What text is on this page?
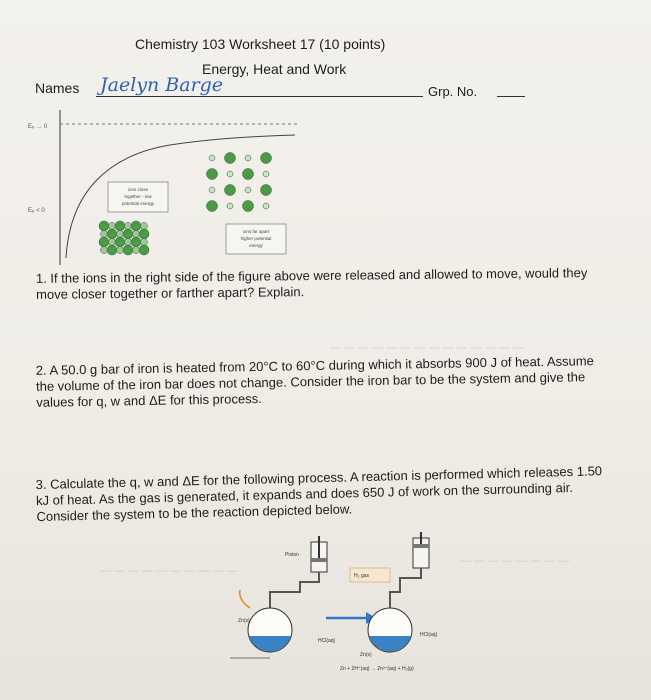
— — — — — — — — — — — — — —
— — — — — — — — — —
— — — — — — — —
Chemistry 103 Worksheet 17 (10 points)
Energy, Heat and Work
Names Jaelyn Barge	Grp. No.
Eₚ → 0
Eₚ < 0
ions close
together - low
potential energy
ions far apart
higher potential
energy
1. If the ions in the right side of the figure above were released and allowed to move, would they move closer together or farther apart? Explain.
2. A 50.0 g bar of iron is heated from 20°C to 60°C during which it absorbs 900 J of heat. Assume the volume of the iron bar does not change. Consider the iron bar to be the system and give the values for q, w and ΔE for this process.
3. Calculate the q, w and ΔE for the following process. A reaction is performed which releases 1.50 kJ of heat. As the gas is generated, it expands and does 650 J of work on the surrounding air. Consider the system to be the reaction depicted below.
Piston
Zn(s)
HCl(aq)
H₂ gas
HCl(aq)
Zn(s)
Zn + 2H⁺(aq) → Zn²⁺(aq) + H₂(g)
